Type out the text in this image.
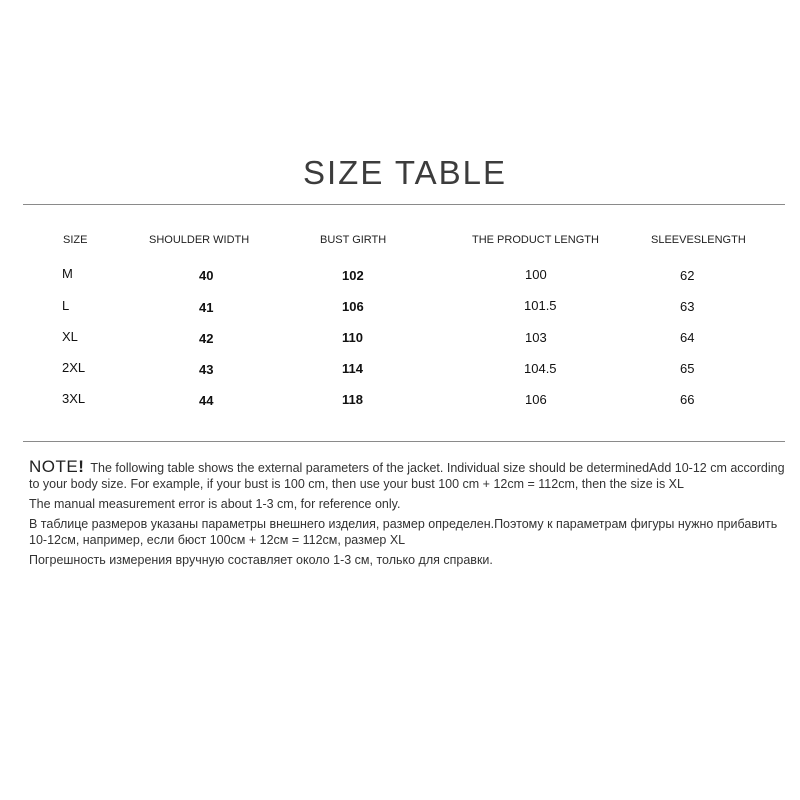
SIZE TABLE
SIZE	SHOULDER WIDTH	BUST GIRTH	THE PRODUCT LENGTH	SLEEVESLENGTH
M	40	102	100	62
L	41	106	101.5	63
XL	42	110	103	64
2XL	43	114	104.5	65
3XL	44	118	106	66

NOTE! The following table shows the external parameters of the jacket. Individual size should be determinedAdd 10-12 cm according to your body size. For example, if your bust is 100 cm, then use your bust 100 cm + 12cm = 112cm, then the size is XL

The manual measurement error is about 1-3 cm, for reference only.

В таблице размеров указаны параметры внешнего изделия, размер определен.Поэтому к параметрам фигуры нужно прибавить 10-12см, например, если бюст 100см + 12см = 112см, размер XL

Погрешность измерения вручную составляет около 1-3 см, только для справки.
